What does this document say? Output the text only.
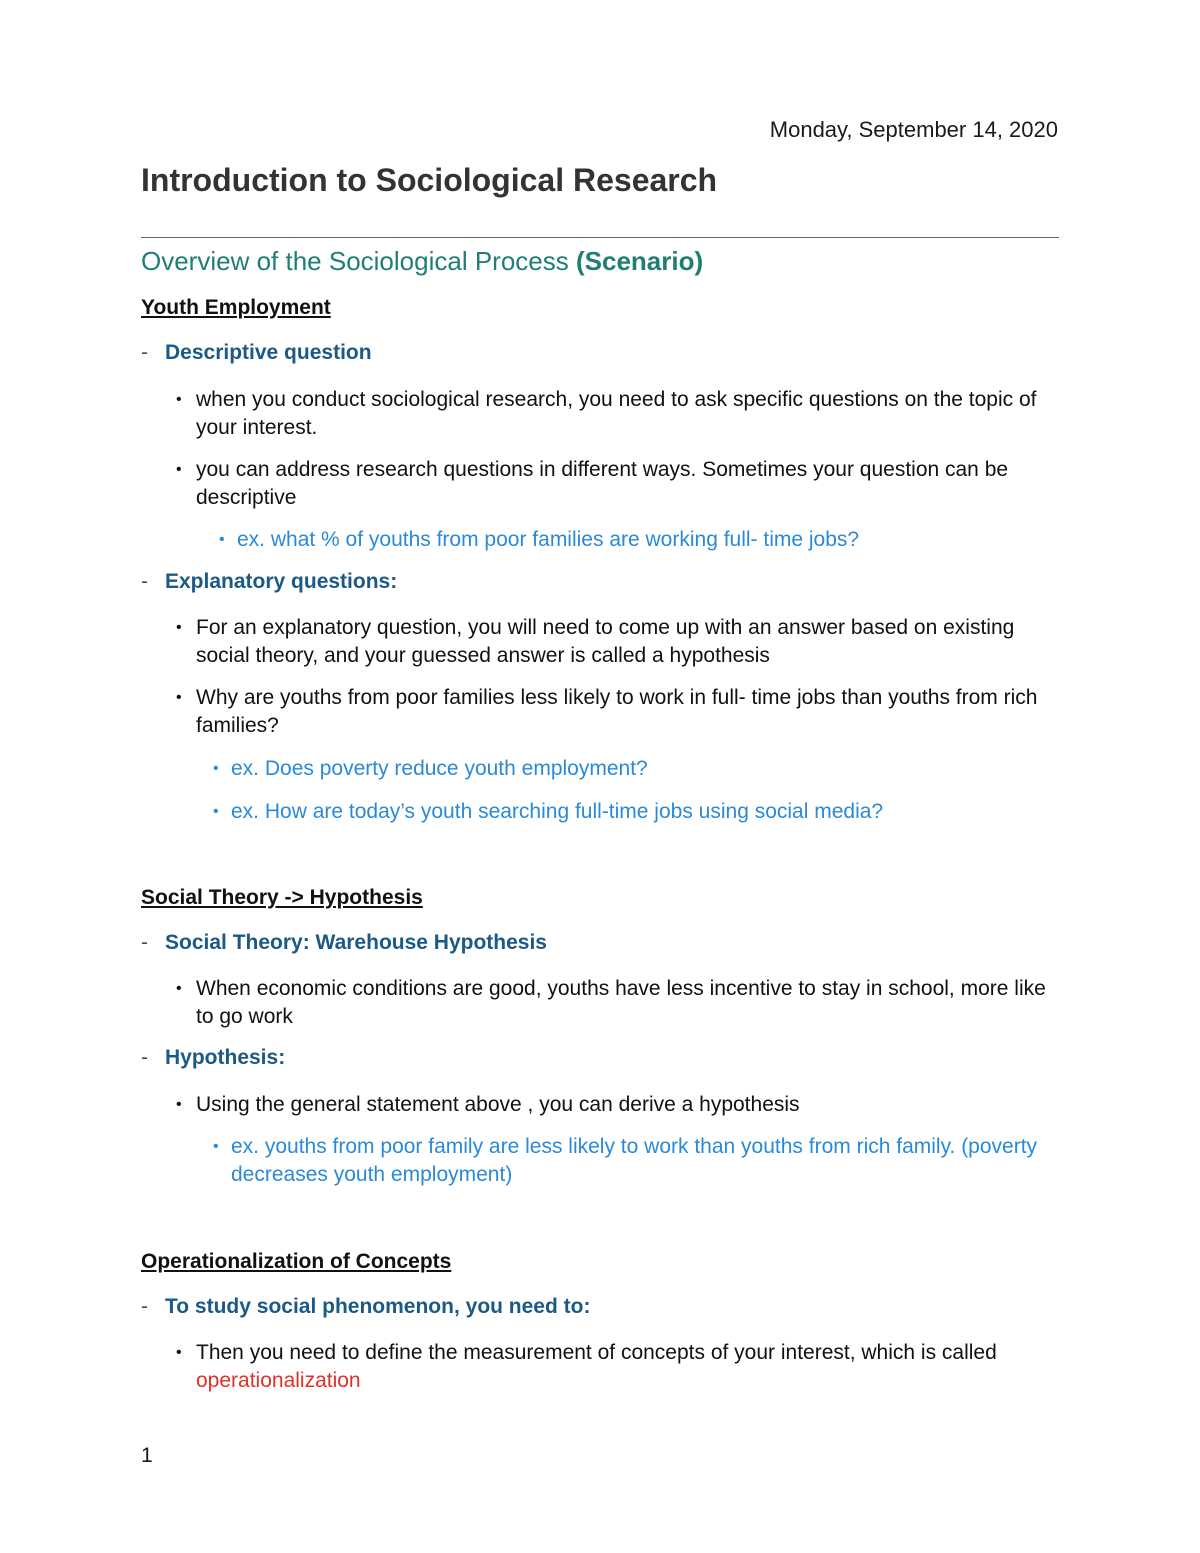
Monday, September 14, 2020
Introduction to Sociological Research
Overview of the Sociological Process (Scenario)
Youth Employment
- Descriptive question
• when you conduct sociological research, you need to ask specific questions on the topic of your interest.
• you can address research questions in different ways. Sometimes your question can be descriptive
• ex. what % of youths from poor families are working full- time jobs?
- Explanatory questions:
• For an explanatory question, you will need to come up with an answer based on existing social theory, and your guessed answer is called a hypothesis
• Why are youths from poor families less likely to work in full- time jobs than youths from rich families?
• ex. Does poverty reduce youth employment?
• ex. How are today’s youth searching full-time jobs using social media?
Social Theory -> Hypothesis
- Social Theory: Warehouse Hypothesis
• When economic conditions are good, youths have less incentive to stay in school, more like to go work
- Hypothesis:
• Using the general statement above , you can derive a hypothesis
• ex. youths from poor family are less likely to work than youths from rich family. (poverty decreases youth employment)
Operationalization of Concepts
- To study social phenomenon, you need to:
• Then you need to define the measurement of concepts of your interest, which is called operationalization
1
